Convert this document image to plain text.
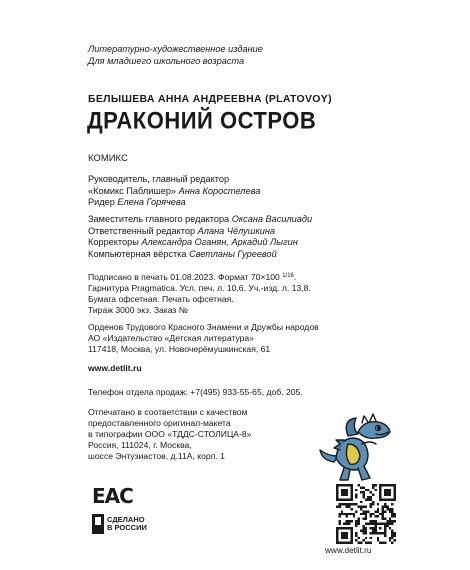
Литературно-художественное издание
Для младшего школьного возраста
БЕЛЫШЕВА АННА АНДРЕЕВНА (PLATOVOY)
ДРАКОНИЙ ОСТРОВ
КОМИКС
Руководитель, главный редактор
«Комикс Паблишер» Анна Коростелева
Ридер Елена Горячева
Заместитель главного редактора Оксана Василиади
Ответственный редактор Алана Чёлушкина
Корректоры Александра Оганян, Аркадий Лыгин
Компьютерная вёрстка Светланы Гуреевой
Подписано в печать 01.08.2023. Формат 70×100 $^{1/16}$.
Гарнитура Pragmatica. Усл. печ. л. 10,6. Уч.-изд. л. 13,8.
Бумага офсетная. Печать офсетная.
Тираж 3000 экз. Заказ №
Орденов Трудового Красного Знамени и Дружбы народов
АО «Издательство «Детская литература»
117418, Москва, ул. Новочерёмушкинская, 61
www.detlit.ru
Телефон отдела продаж: +7(495) 933-55-65, доб. 205.
Отпечатано в соответствии с качеством
предоставленного оригинал-макета
в типографии ООО «ТДДС-СТОЛИЦА-8»
Россия, 111024, г. Москва,
шоссе Энтузиастов, д.11А, корп. 1
EAC
СДЕЛАНО
В РОССИИ
www.detlit.ru
